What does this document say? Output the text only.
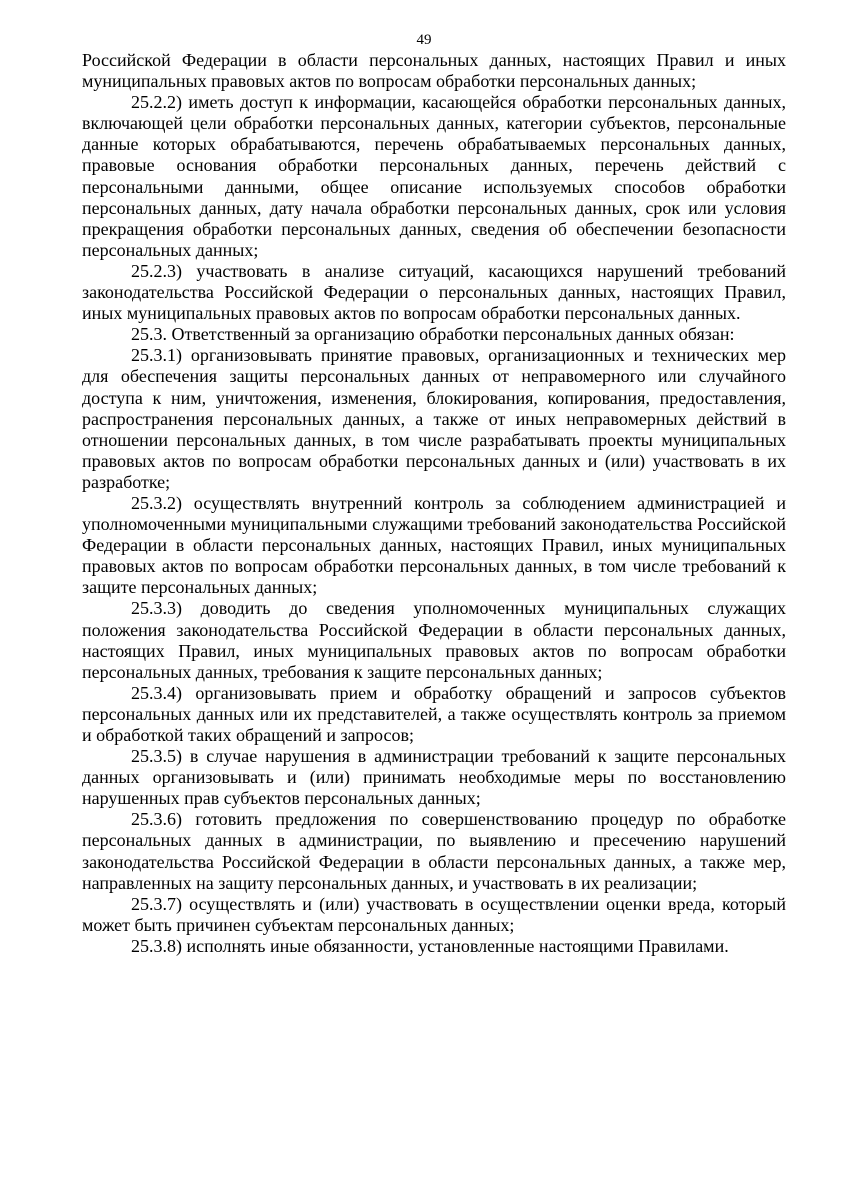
49

Российской Федерации в области персональных данных, настоящих Правил и иных муниципальных правовых актов по вопросам обработки персональных данных;

25.2.2) иметь доступ к информации, касающейся обработки персональных данных, включающей цели обработки персональных данных, категории субъектов, персональные данные которых обрабатываются, перечень обрабатываемых персональных данных, правовые основания обработки персональных данных, перечень действий с персональными данными, общее описание используемых способов обработки персональных данных, дату начала обработки персональных данных, срок или условия прекращения обработки персональных данных, сведения об обеспечении безопасности персональных данных;

25.2.3) участвовать в анализе ситуаций, касающихся нарушений требований законодательства Российской Федерации о персональных данных, настоящих Правил, иных муниципальных правовых актов по вопросам обработки персональных данных.

25.3. Ответственный за организацию обработки персональных данных обязан:

25.3.1) организовывать принятие правовых, организационных и технических мер для обеспечения защиты персональных данных от неправомерного или случайного доступа к ним, уничтожения, изменения, блокирования, копирования, предоставления, распространения персональных данных, а также от иных неправомерных действий в отношении персональных данных, в том числе разрабатывать проекты муниципальных правовых актов по вопросам обработки персональных данных и (или) участвовать в их разработке;

25.3.2) осуществлять внутренний контроль за соблюдением администрацией и уполномоченными муниципальными служащими требований законодательства Российской Федерации в области персональных данных, настоящих Правил, иных муниципальных правовых актов по вопросам обработки персональных данных, в том числе требований к защите персональных данных;

25.3.3) доводить до сведения уполномоченных муниципальных служащих положения законодательства Российской Федерации в области персональных данных, настоящих Правил, иных муниципальных правовых актов по вопросам обработки персональных данных, требования к защите персональных данных;

25.3.4) организовывать прием и обработку обращений и запросов субъектов персональных данных или их представителей, а также осуществлять контроль за приемом и обработкой таких обращений и запросов;

25.3.5) в случае нарушения в администрации требований к защите персональных данных организовывать и (или) принимать необходимые меры по восстановлению нарушенных прав субъектов персональных данных;

25.3.6) готовить предложения по совершенствованию процедур по обработке персональных данных в администрации, по выявлению и пресечению нарушений законодательства Российской Федерации в области персональных данных, а также мер, направленных на защиту персональных данных, и участвовать в их реализации;

25.3.7) осуществлять и (или) участвовать в осуществлении оценки вреда, который может быть причинен субъектам персональных данных;

25.3.8) исполнять иные обязанности, установленные настоящими Правилами.
